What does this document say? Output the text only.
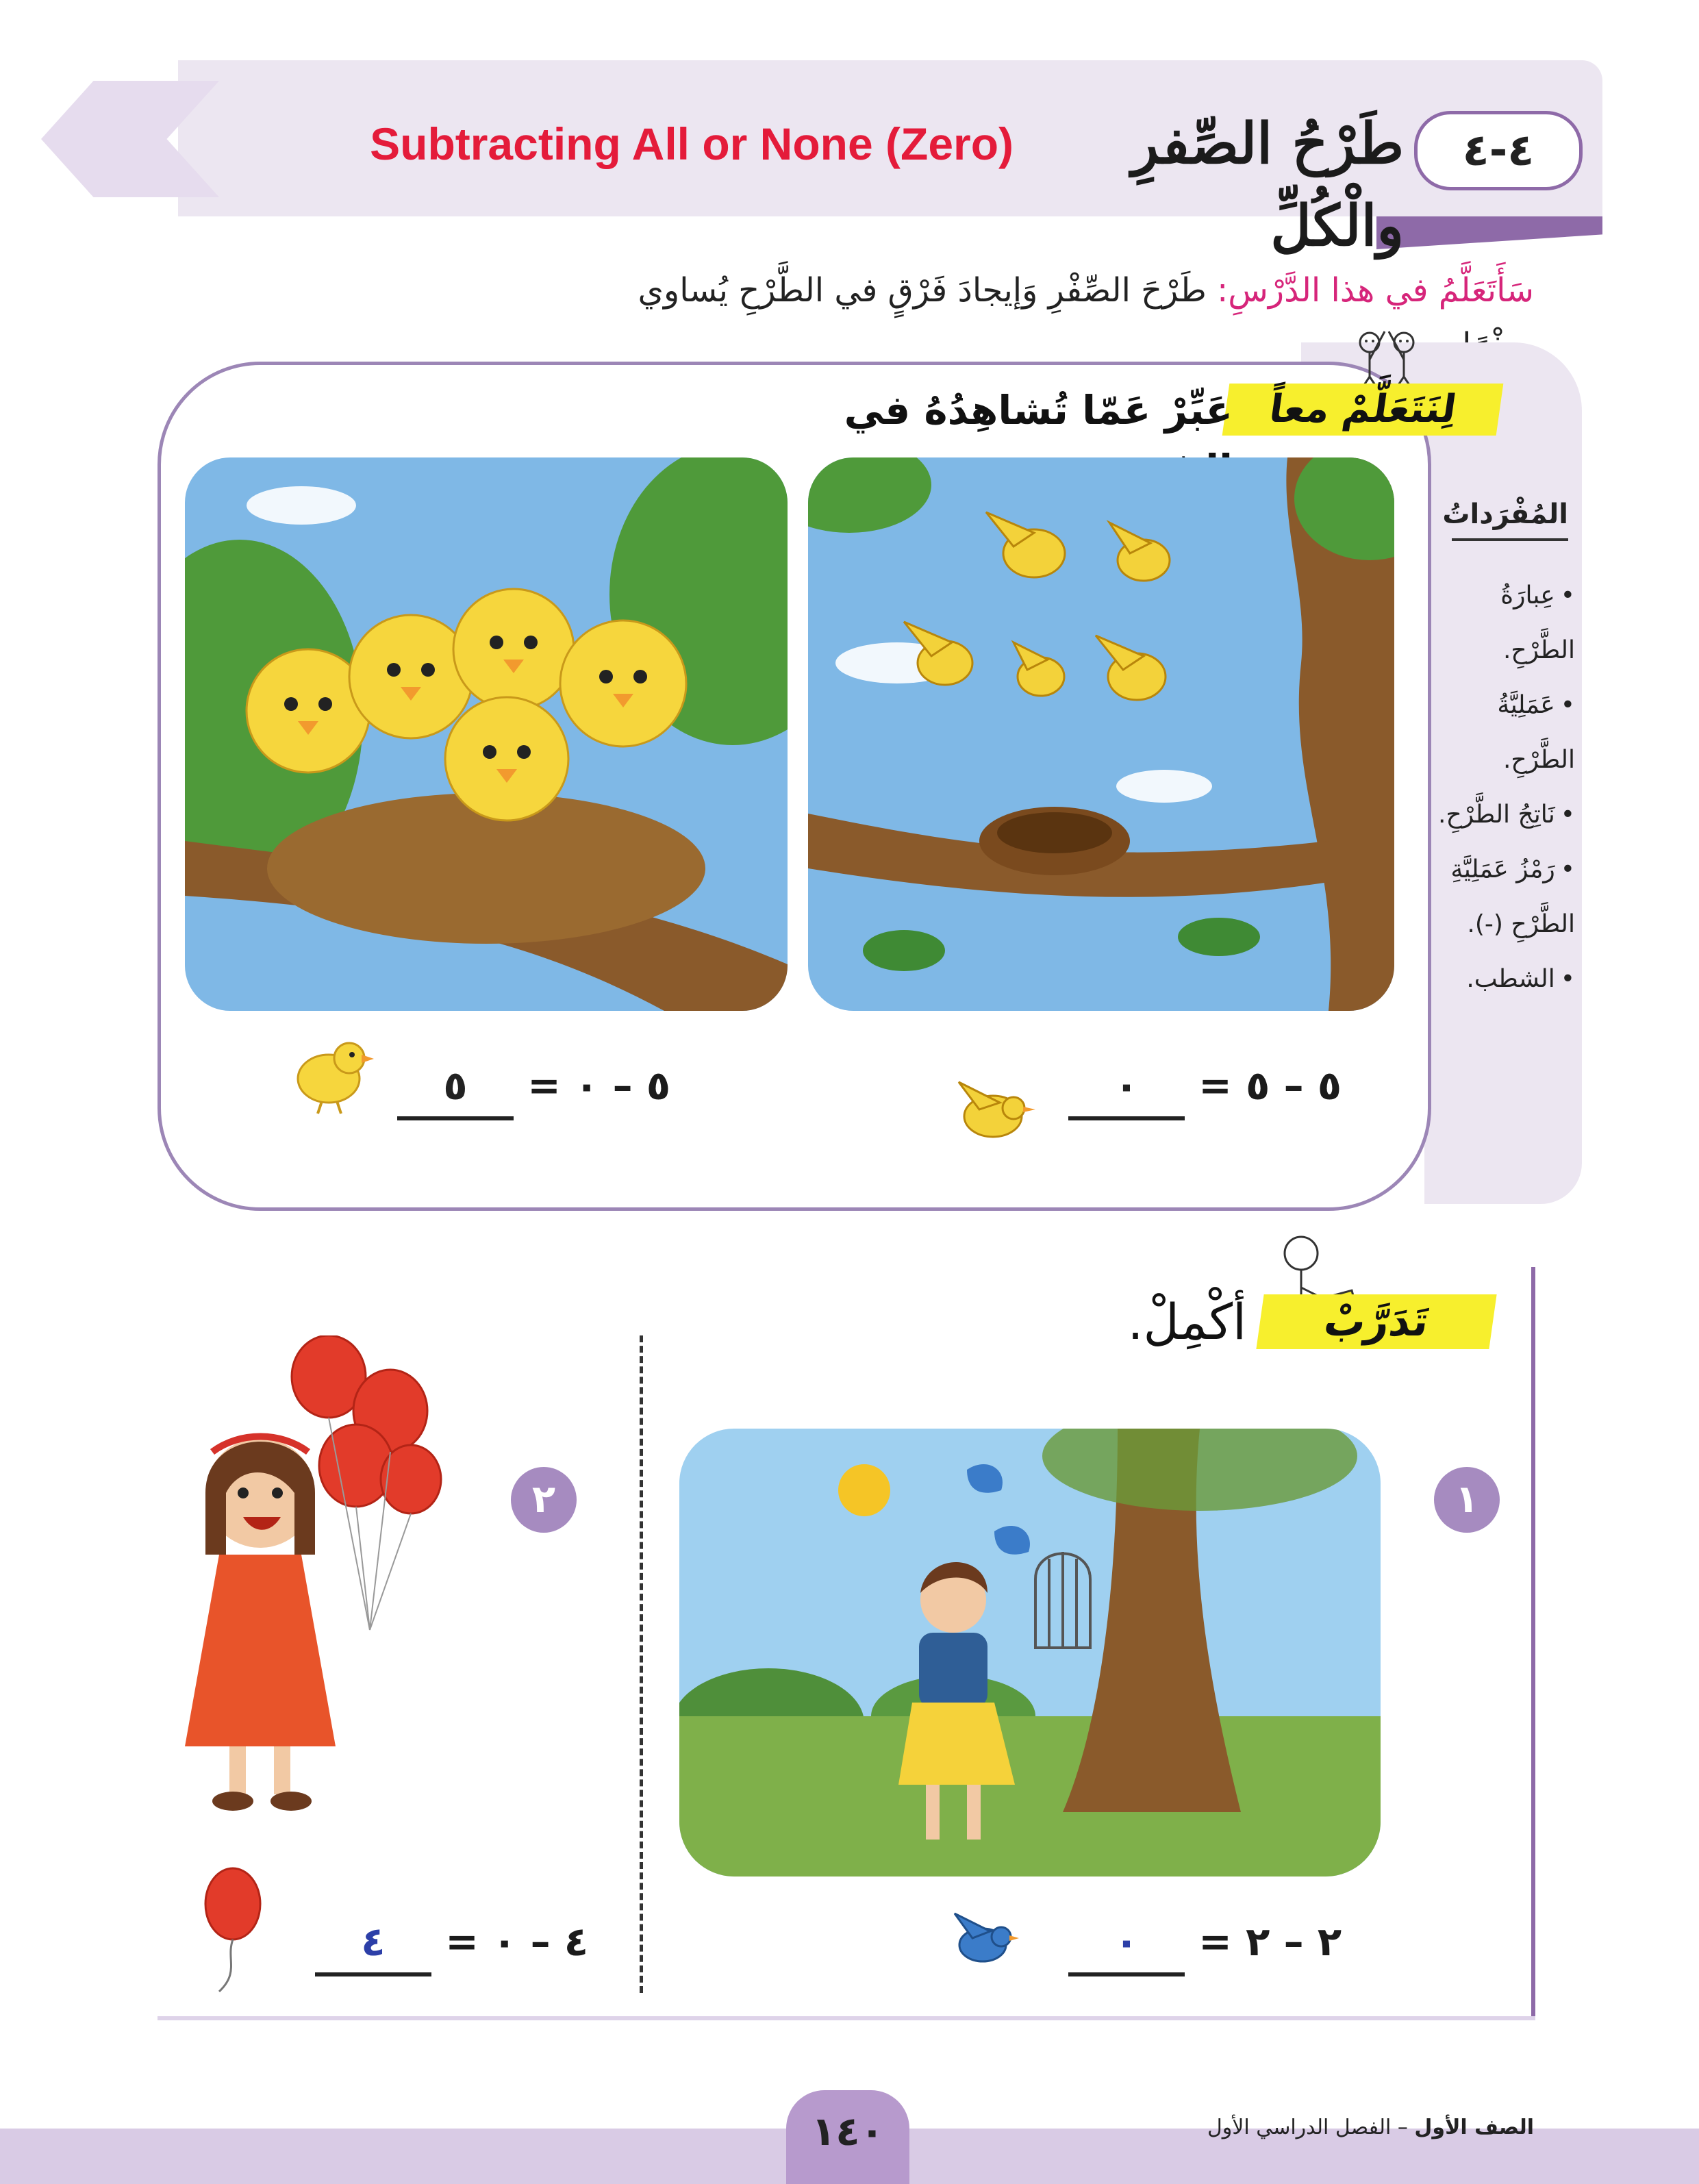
٤-٤
طَرْحُ الصِّفرِ والْكُلِّ
Subtracting All or None (Zero)
سَأَتَعَلَّمُ في هذا الدَّرْسِ: طَرْحَ الصِّفْرِ وَإيجادَ فَرْقٍ في الطَّرْحِ يُساوي
لِنَتَعَلَّمْ معاً
عَبِّرْ عَمّا تُشاهِدُهُ في
المُفْرَداتُ
• عِبارَةُ الطَّرْحِ.
• عَمَلِيَّةُ الطَّرْحِ.
• نَاتِجُ الطَّرْحِ.
• رَمْزُ عَمَلِيَّةِ الطَّرْحِ (-).
• الشطب.
٥ – ٥ = ٠
٥ – ٠ = ٥
تَدَرَّبْ
أكْمِلْ.
١
٢
٢ – ٢ = ٠
٤ – ٠ = ٤
١٤٠	الصف الأول – الفصل الدراسي الأول
